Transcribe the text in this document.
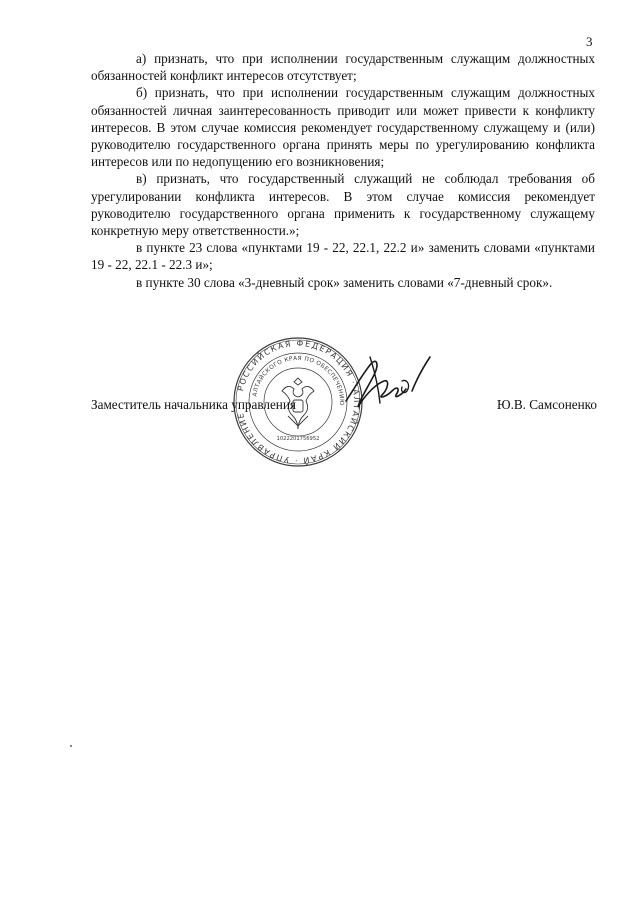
3

а) признать, что при исполнении государственным служащим должностных обязанностей конфликт интересов отсутствует;

б) признать, что при исполнении государственным служащим должностных обязанностей личная заинтересованность приводит или может привести к конфликту интересов. В этом случае комиссия рекомендует государственному служащему и (или) руководителю государственного органа принять меры по урегулированию конфликта интересов или по недопущению его возникновения;

в) признать, что государственный служащий не соблюдал требования об урегулировании конфликта интересов. В этом случае комиссия рекомендует руководителю государственного органа применить к государственному служащему конкретную меру ответственности.»;

в пункте 23 слова «пунктами 19 - 22, 22.1, 22.2 и» заменить словами «пунктами 19 - 22, 22.1 - 22.3 и»;

в пункте 30 слова «3-дневный срок» заменить словами «7-дневный срок».

РОССИЙСКАЯ ФЕДЕРАЦИЯ · АЛТАЙСКИЙ КРАЙ · УПРАВЛЕНИЕ
АЛТАЙСКОГО КРАЯ ПО ОБЕСПЕЧЕНИЮ
1022201756952
Заместитель начальника управления	Ю.В. Самсоненко
